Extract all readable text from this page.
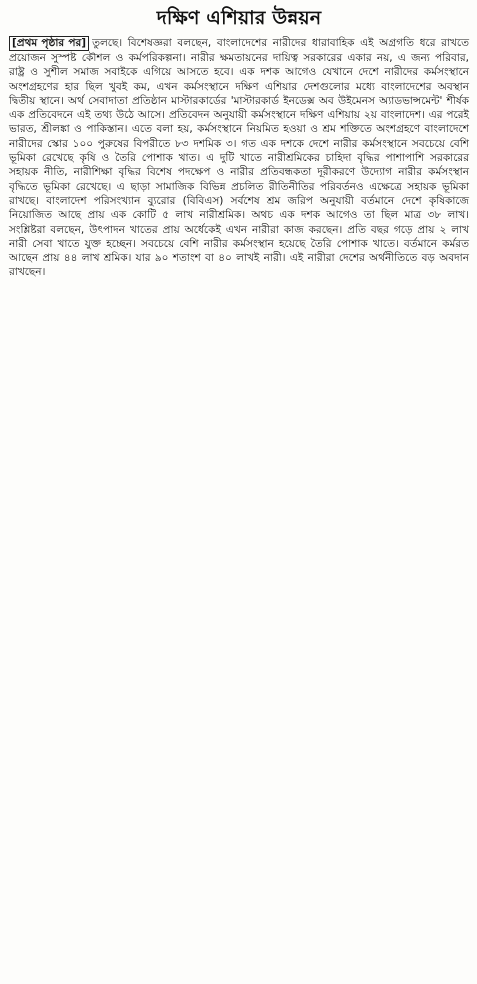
দক্ষিণ এশিয়ার উন্নয়ন

[প্রথম পৃষ্ঠার পর] তুলছে। বিশেষজ্ঞরা বলছেন, বাংলাদেশের নারীদের ধারাবাহিক এই অগ্রগতি ধরে রাখতে প্রয়োজন সুস্পষ্ট কৌশল ও কর্মপরিকল্পনা। নারীর ক্ষমতায়নের দায়িত্ব সরকারের একার নয়, এ জন্য পরিবার, রাষ্ট্র ও সুশীল সমাজ সবাইকে এগিয়ে আসতে হবে। এক দশক আগেও যেখানে দেশে নারীদের কর্মসংস্থানে অংশগ্রহণের হার ছিল খুবই কম, এখন কর্মসংস্থানে দক্ষিণ এশিয়ার দেশগুলোর মধ্যে বাংলাদেশের অবস্থান দ্বিতীয় স্থানে। অর্থ সেবাদাতা প্রতিষ্ঠান মাস্টারকার্ডের 'মাস্টারকার্ড ইনডেক্স অব উইমেনস অ্যাডভান্সমেন্ট' শীর্ষক এক প্রতিবেদনে এই তথ্য উঠে আসে। প্রতিবেদন অনুযায়ী কর্মসংস্থানে দক্ষিণ এশিয়ায় ২য় বাংলাদেশ। এর পরেই ভারত, শ্রীলঙ্কা ও পাকিস্তান। এতে বলা হয়, কর্মসংস্থানে নিয়মিত হওয়া ও শ্রম শক্তিতে অংশগ্রহণে বাংলাদেশে নারীদের স্কোর ১০০ পুরুষের বিপরীতে ৮৩ দশমিক ৩। গত এক দশকে দেশে নারীর কর্মসংস্থানে সবচেয়ে বেশি ভূমিকা রেখেছে কৃষি ও তৈরি পোশাক খাত। এ দুটি খাতে নারীশ্রমিকের চাহিদা বৃদ্ধির পাশাপাশি সরকারের সহায়ক নীতি, নারীশিক্ষা বৃদ্ধির বিশেষ পদক্ষেপ ও নারীর প্রতিবন্ধকতা দূরীকরণে উদ্যোগ নারীর কর্মসংস্থান বৃদ্ধিতে ভূমিকা রেখেছে। এ ছাড়া সামাজিক বিভিন্ন প্রচলিত রীতিনীতির পরিবর্তনও এক্ষেত্রে সহায়ক ভূমিকা রাখছে। বাংলাদেশ পরিসংখ্যান ব্যুরোর (বিবিএস) সর্বশেষ শ্রম জরিপ অনুযায়ী বর্তমানে দেশে কৃষিকাজে নিয়োজিত আছে প্রায় এক কোটি ৫ লাখ নারীশ্রমিক। অথচ এক দশক আগেও তা ছিল মাত্র ৩৮ লাখ। সংশ্লিষ্টরা বলছেন, উৎপাদন খাতের প্রায় অর্ধেকেই এখন নারীরা কাজ করছেন। প্রতি বছর গড়ে প্রায় ২ লাখ নারী সেবা খাতে যুক্ত হচ্ছেন। সবচেয়ে বেশি নারীর কর্মসংস্থান হয়েছে তৈরি পোশাক খাতে। বর্তমানে কর্মরত আছেন প্রায় ৪৪ লাখ শ্রমিক। যার ৯০ শতাংশ বা ৪০ লাখই নারী। এই নারীরা দেশের অর্থনীতিতে বড় অবদান রাখছেন।
